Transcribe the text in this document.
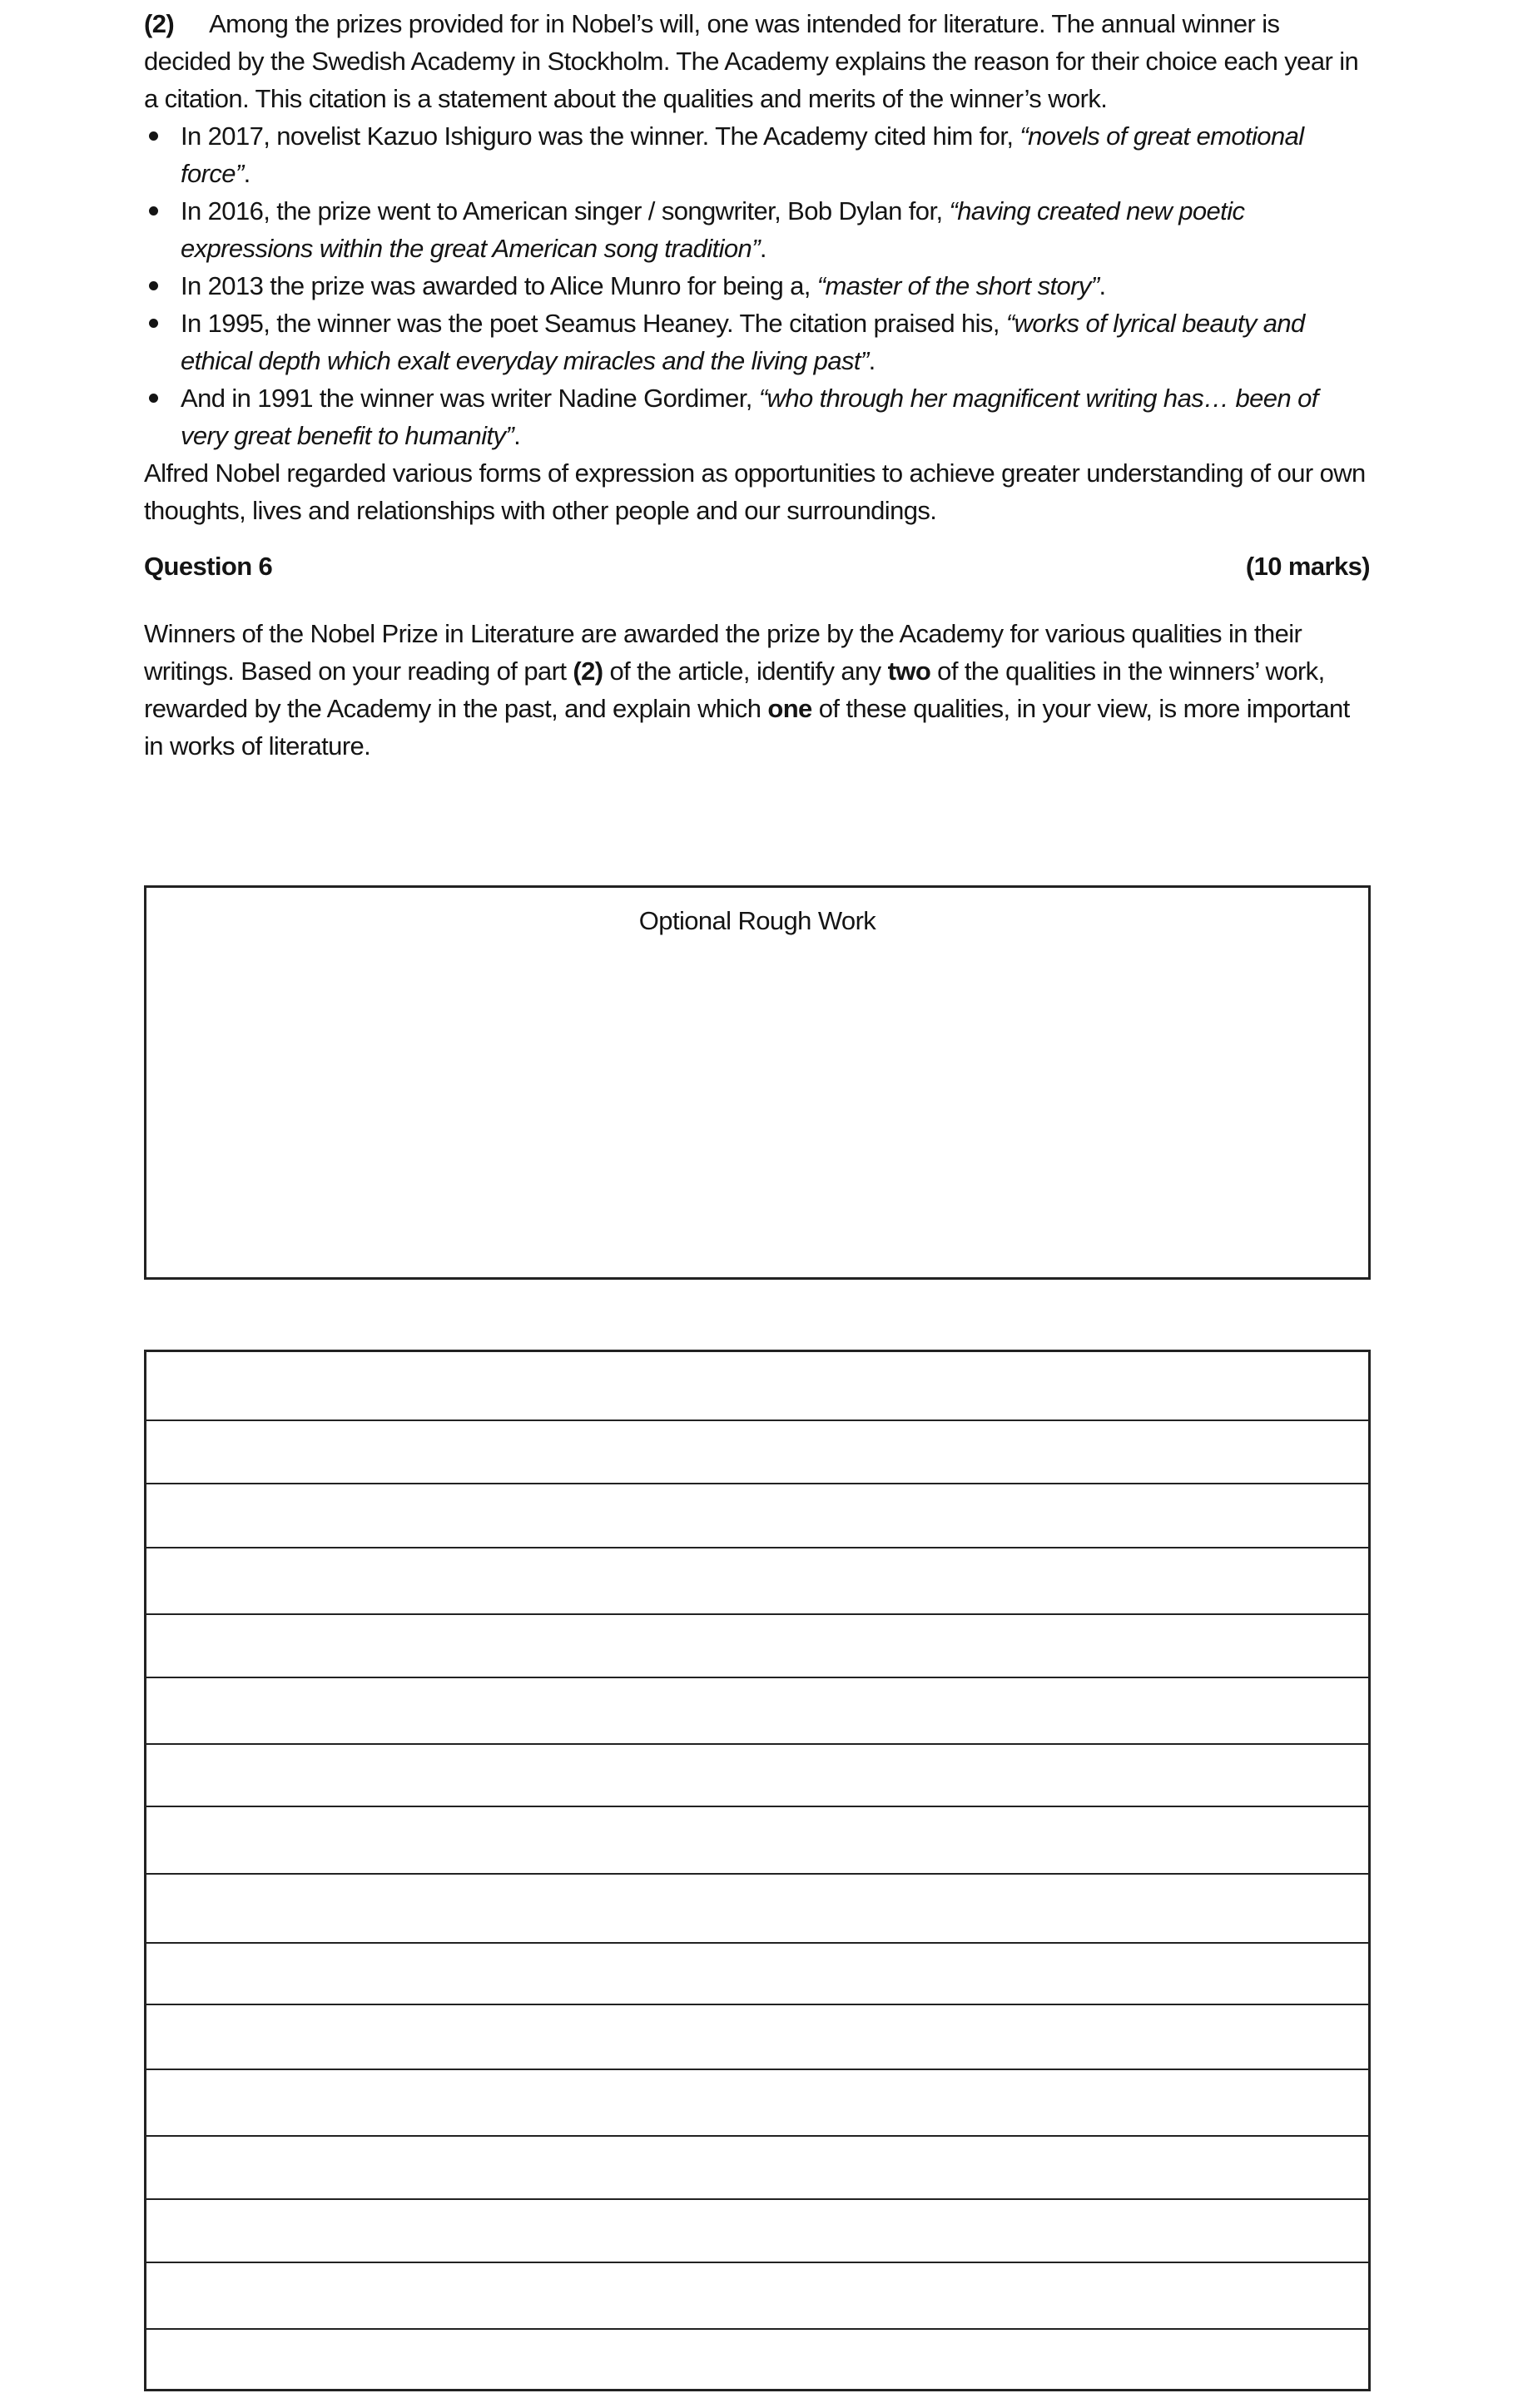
(2) Among the prizes provided for in Nobel’s will, one was intended for literature. The annual winner is decided by the Swedish Academy in Stockholm. The Academy explains the reason for their choice each year in a citation. This citation is a statement about the qualities and merits of the winner’s work.

In 2017, novelist Kazuo Ishiguro was the winner. The Academy cited him for, “novels of great emotional force”.
In 2016, the prize went to American singer / songwriter, Bob Dylan for, “having created new poetic expressions within the great American song tradition”.
In 2013 the prize was awarded to Alice Munro for being a, “master of the short story”.
In 1995, the winner was the poet Seamus Heaney. The citation praised his, “works of lyrical beauty and ethical depth which exalt everyday miracles and the living past”.
And in 1991 the winner was writer Nadine Gordimer, “who through her magnificent writing has… been of very great benefit to humanity”.

Alfred Nobel regarded various forms of expression as opportunities to achieve greater understanding of our own thoughts, lives and relationships with other people and our surroundings.

Question 6	(10 marks)

Winners of the Nobel Prize in Literature are awarded the prize by the Academy for various qualities in their writings. Based on your reading of part (2) of the article, identify any two of the qualities in the winners’ work, rewarded by the Academy in the past, and explain which one of these qualities, in your view, is more important in works of literature.

Optional Rough Work
